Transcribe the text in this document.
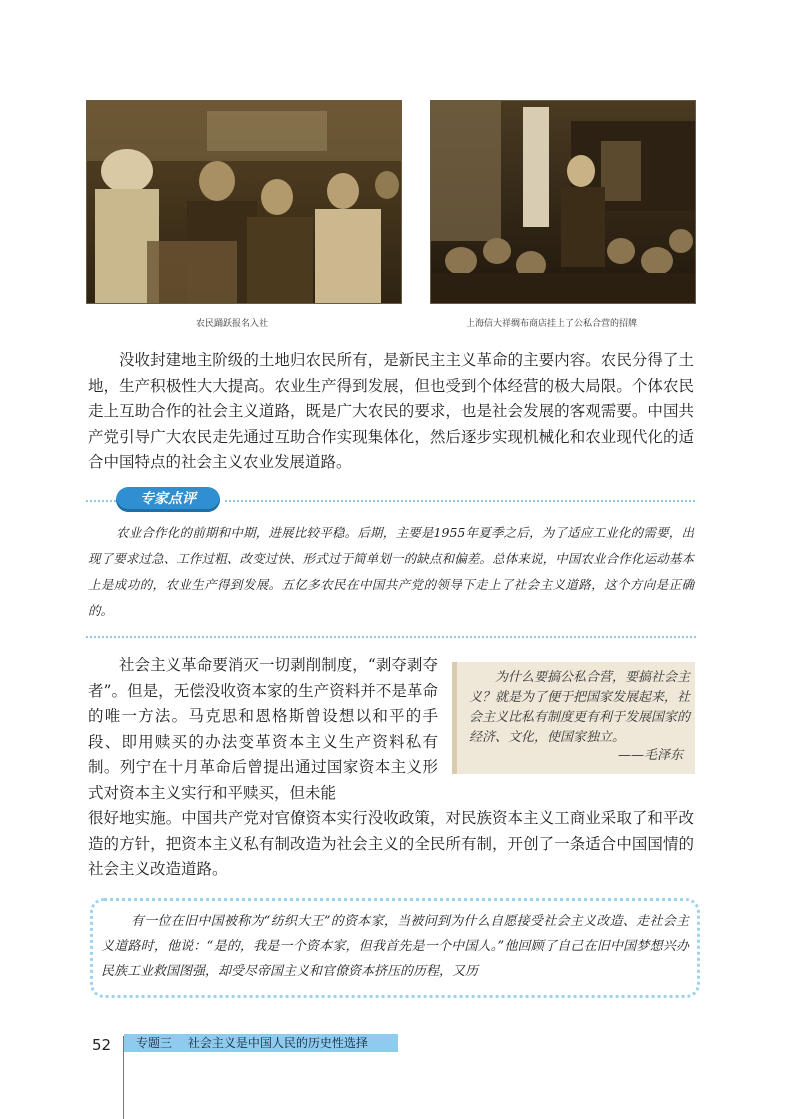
农民踊跃报名入社	上海信大祥绸布商店挂上了公私合营的招牌

没收封建地主阶级的土地归农民所有，是新民主主义革命的主要内容。农民分得了土地，生产积极性大大提高。农业生产得到发展，但也受到个体经营的极大局限。个体农民走上互助合作的社会主义道路，既是广大农民的要求，也是社会发展的客观需要。中国共产党引导广大农民走先通过互助合作实现集体化，然后逐步实现机械化和农业现代化的适合中国特点的社会主义农业发展道路。

专家点评

农业合作化的前期和中期，进展比较平稳。后期，主要是1955年夏季之后，为了适应工业化的需要，出现了要求过急、工作过粗、改变过快、形式过于简单划一的缺点和偏差。总体来说，中国农业合作化运动基本上是成功的，农业生产得到发展。五亿多农民在中国共产党的领导下走上了社会主义道路，这个方向是正确的。

社会主义革命要消灭一切剥削制度，“剥夺剥夺者”。但是，无偿没收资本家的生产资料并不是革命的唯一方法。马克思和恩格斯曾设想以和平的手段、即用赎买的办法变革资本主义生产资料私有制。列宁在十月革命后曾提出通过国家资本主义形式对资本主义实行和平赎买，但未能

很好地实施。中国共产党对官僚资本实行没收政策，对民族资本主义工商业采取了和平改造的方针，把资本主义私有制改造为社会主义的全民所有制，开创了一条适合中国国情的社会主义改造道路。

为什么要搞公私合营，要搞社会主义？就是为了便于把国家发展起来，社会主义比私有制度更有利于发展国家的经济、文化，使国家独立。

——毛泽东

有一位在旧中国被称为“纺织大王”的资本家，当被问到为什么自愿接受社会主义改造、走社会主义道路时，他说：“是的，我是一个资本家，但我首先是一个中国人。”他回顾了自己在旧中国梦想兴办民族工业救国图强，却受尽帝国主义和官僚资本挤压的历程，又历

52	专题三 社会主义是中国人民的历史性选择
